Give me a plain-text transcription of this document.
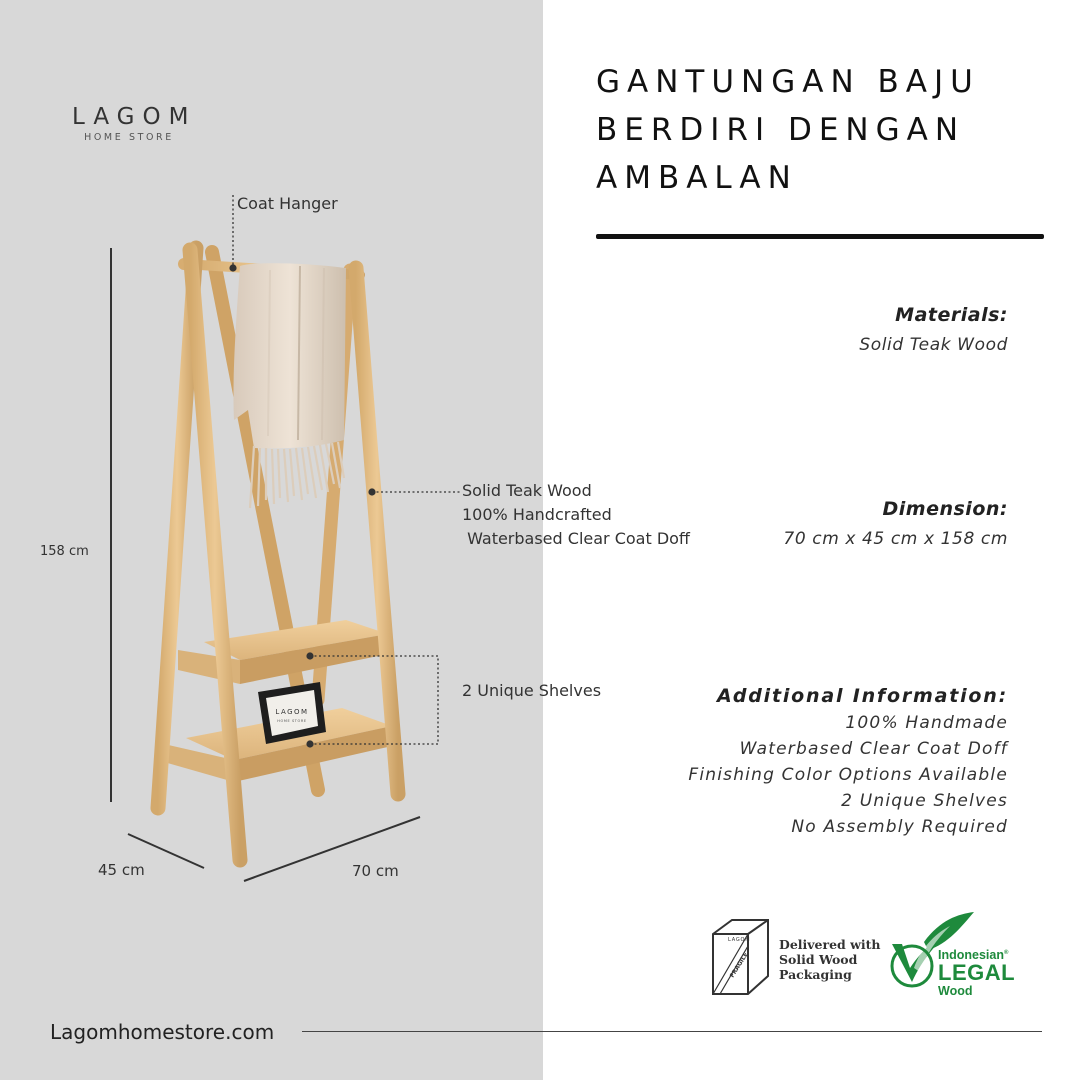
LAGOM
HOME STORE
LAGOM
FRAGILE
LAGOM
HOME STORE
Coat Hanger
Solid Teak Wood
100% Handcrafted
Waterbased Clear Coat Doff
2 Unique Shelves
158 cm
45 cm	70 cm
GANTUNGAN BAJU
BERDIRI DENGAN
AMBALAN
Materials:
Solid Teak Wood
Dimension:
70 cm x 45 cm x 158 cm
Additional Information:
100% Handmade
Waterbased Clear Coat Doff
Finishing Color Options Available
2 Unique Shelves
No Assembly Required
Delivered with
Solid Wood
Packaging
Indonesian®
LEGAL
Wood
Lagomhomestore.com
